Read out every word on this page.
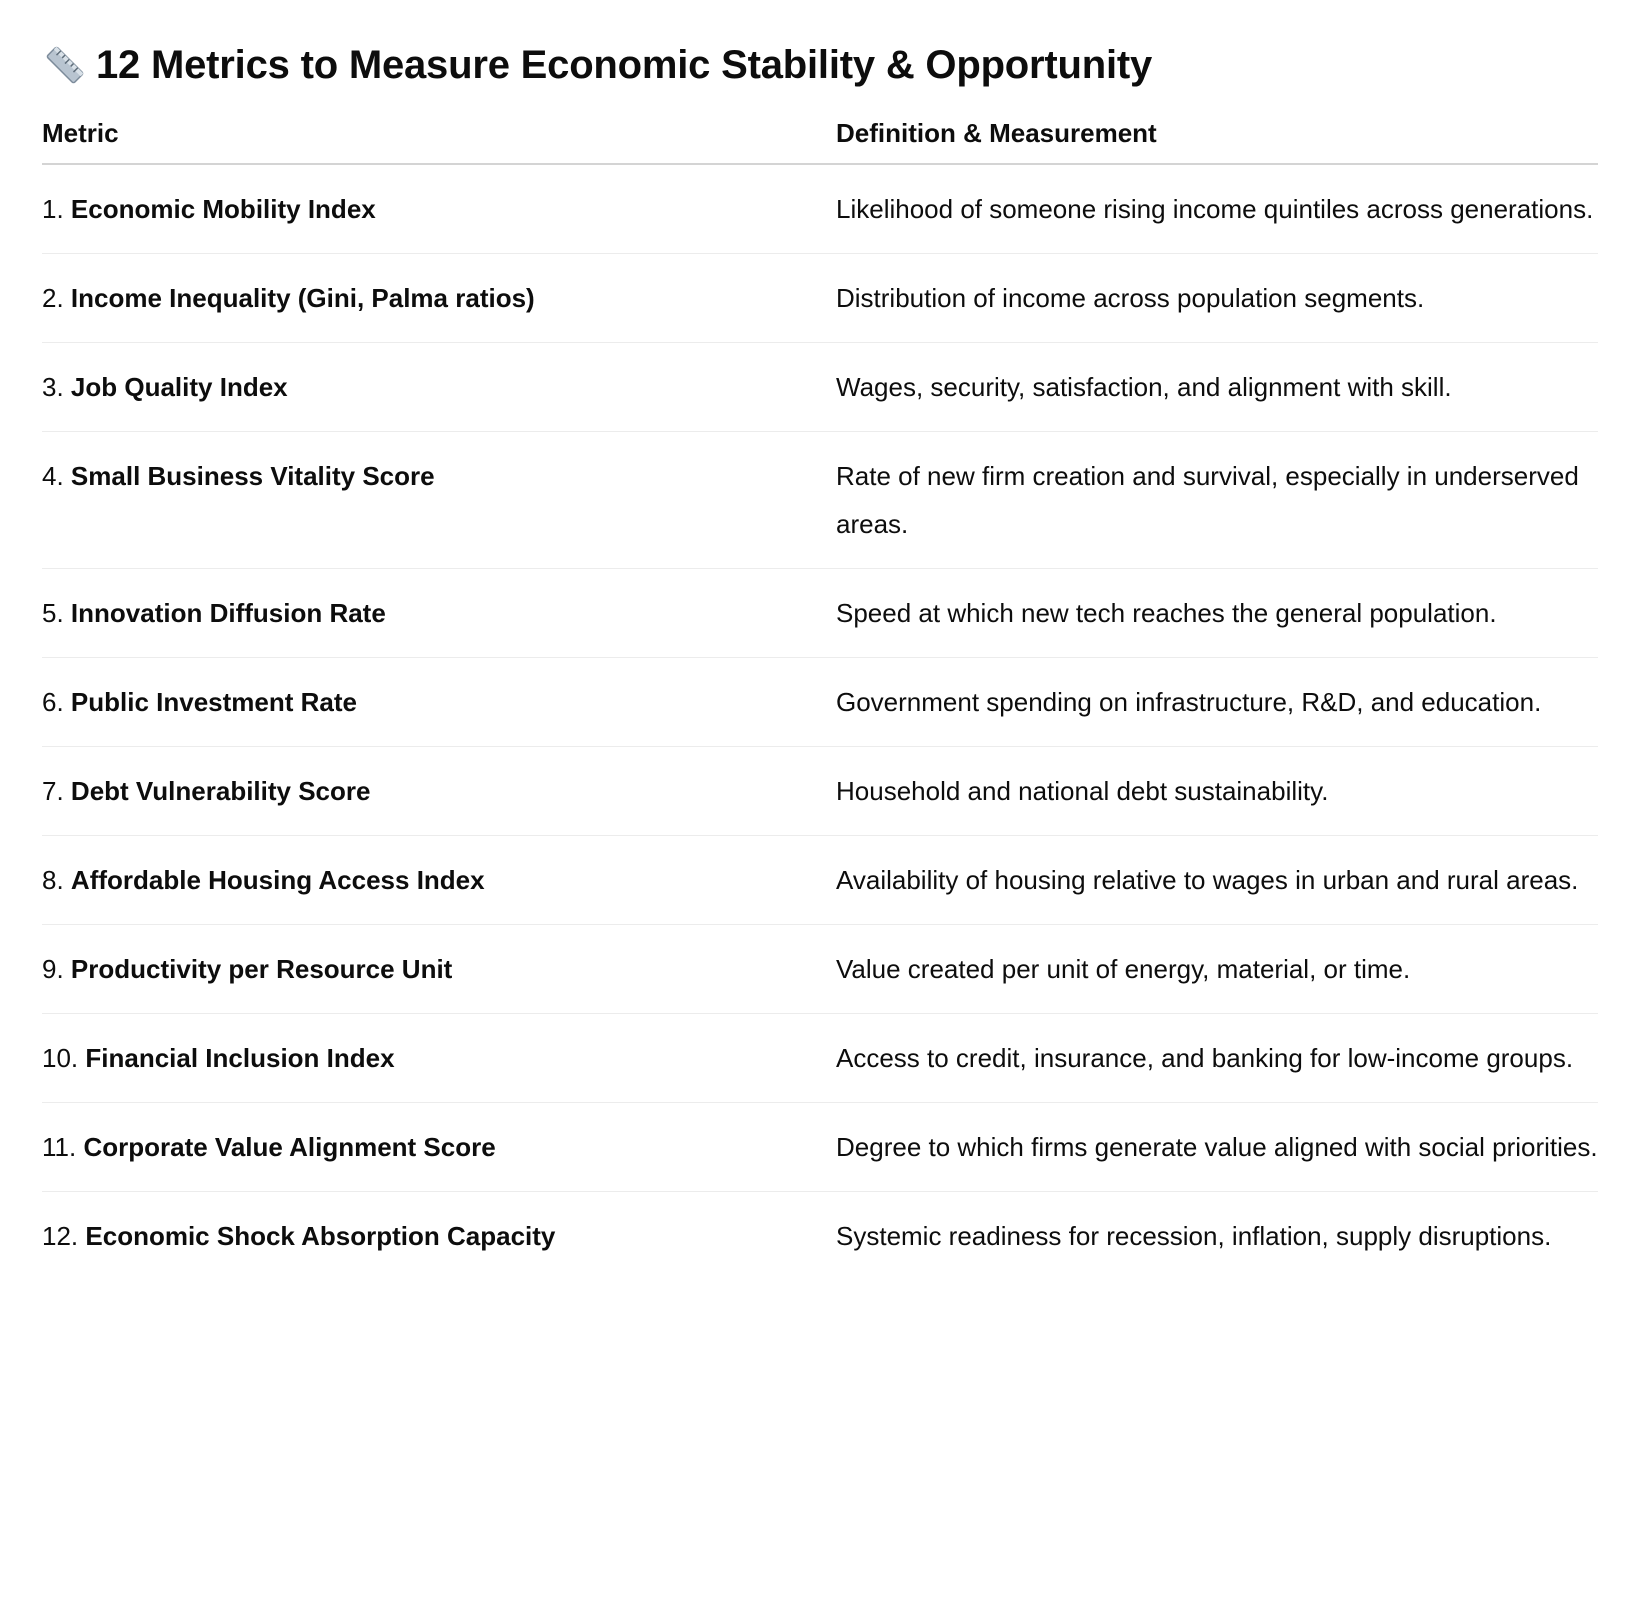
12 Metrics to Measure Economic Stability & Opportunity
Metric	Definition & Measurement
1. Economic Mobility Index	Likelihood of someone rising income quintiles across generations.
2. Income Inequality (Gini, Palma ratios)	Distribution of income across population segments.
3. Job Quality Index	Wages, security, satisfaction, and alignment with skill.
4. Small Business Vitality Score	Rate of new firm creation and survival, especially in underserved areas.
5. Innovation Diffusion Rate	Speed at which new tech reaches the general population.
6. Public Investment Rate	Government spending on infrastructure, R&D, and education.
7. Debt Vulnerability Score	Household and national debt sustainability.
8. Affordable Housing Access Index	Availability of housing relative to wages in urban and rural areas.
9. Productivity per Resource Unit	Value created per unit of energy, material, or time.
10. Financial Inclusion Index	Access to credit, insurance, and banking for low-income groups.
11. Corporate Value Alignment Score	Degree to which firms generate value aligned with social priorities.
12. Economic Shock Absorption Capacity	Systemic readiness for recession, inflation, supply disruptions.
